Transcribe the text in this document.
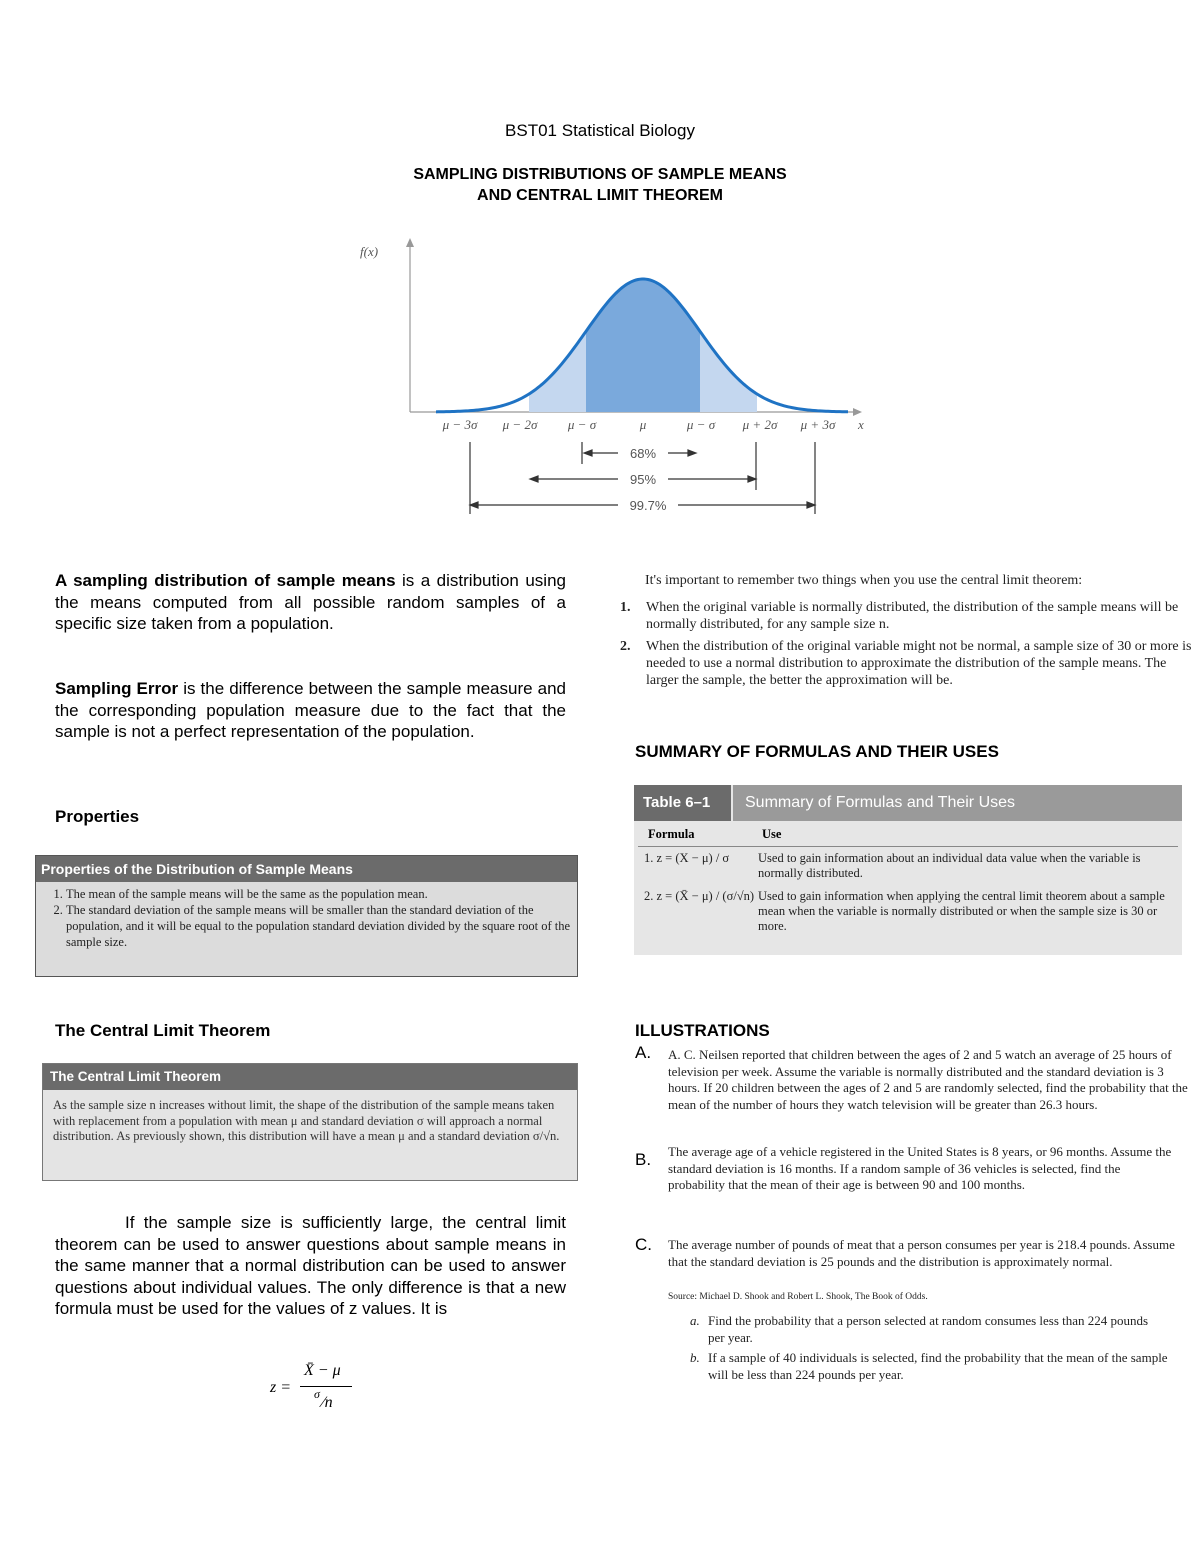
BST01 Statistical Biology
SAMPLING DISTRIBUTIONS OF SAMPLE MEANS
AND CENTRAL LIMIT THEOREM
f(x)
x
μ − 3σ μ − 2σ μ − σ	μ	μ − σ μ + 2σ μ + 3σ
68%
95%
99.7%
A sampling distribution of sample means is a distribution using the means computed from all possible random samples of a specific size taken from a population.
Sampling Error is the difference between the sample measure and the corresponding population measure due to the fact that the sample is not a perfect representation of the population.
Properties
Properties of the Distribution of Sample Means
1. The mean of the sample means will be the same as the population mean.
2. The standard deviation of the sample means will be smaller than the standard deviation of the population, and it will be equal to the population standard deviation divided by the square root of the sample size.
The Central Limit Theorem
The Central Limit Theorem

As the sample size n increases without limit, the shape of the distribution of the sample means taken with replacement from a population with mean μ and standard deviation σ will approach a normal distribution. As previously shown, this distribution will have a mean μ and a standard deviation σ/√n.

If the sample size is sufficiently large, the central limit theorem can be used to answer questions about sample means in the same manner that a normal distribution can be used to answer questions about individual values. The only difference is that a new formula must be used for the values of z values. It is
z =
X̄ − μ
σ ⁄n
It's important to remember two things when you use the central limit theorem:
1.	When the original variable is normally distributed, the distribution of the sample means will be normally distributed, for any sample size n.
2.	When the distribution of the original variable might not be normal, a sample size of 30 or more is needed to use a normal distribution to approximate the distribution of the sample means. The larger the sample, the better the approximation will be.
SUMMARY OF FORMULAS AND THEIR USES
Table 6–1	Summary of Formulas and Their Uses
Formula	Use
1. z = (X − μ) / σ	Used to gain information about an individual data value when the variable is normally distributed.
2. z = (X̄ − μ) / (σ/√n) Used to gain information when applying the central limit theorem about a sample mean when the variable is normally distributed or when the sample size is 30 or more.
ILLUSTRATIONS
A. A. C. Neilsen reported that children between the ages of 2 and 5 watch an average of 25 hours of television per week. Assume the variable is normally distributed and the standard deviation is 3 hours. If 20 children between the ages of 2 and 5 are randomly selected, find the probability that the mean of the number of hours they watch television will be greater than 26.3 hours.
B. The average age of a vehicle registered in the United States is 8 years, or 96 months. Assume the standard deviation is 16 months. If a random sample of 36 vehicles is selected, find the probability that the mean of their age is between 90 and 100 months.
C. The average number of pounds of meat that a person consumes per year is 218.4 pounds. Assume that the standard deviation is 25 pounds and the distribution is approximately normal.
Source: Michael D. Shook and Robert L. Shook, The Book of Odds.
a. Find the probability that a person selected at random consumes less than 224 pounds per year.
b. If a sample of 40 individuals is selected, find the probability that the mean of the sample will be less than 224 pounds per year.
